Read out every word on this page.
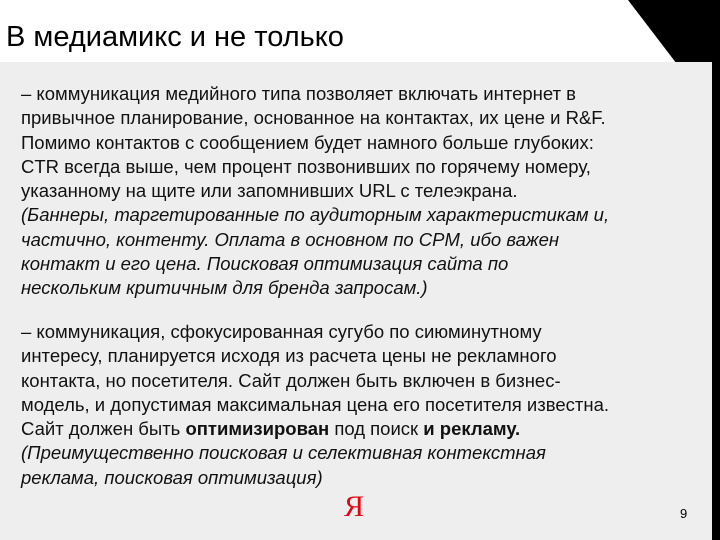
В медиамикс и не только
– коммуникация медийного типа позволяет включать интернет в
привычное планирование, основанное на контактах, их цене и R&F.
Помимо контактов с сообщением будет намного больше глубоких:
CTR всегда выше, чем процент позвонивших по горячему номеру,
указанному на щите или запомнивших URL с телеэкрана.
(Баннеры, таргетированные по аудиторным характеристикам и,
частично, контенту. Оплата в основном по CPM, ибо важен
контакт и его цена. Поисковая оптимизация сайта по
нескольким критичным для бренда запросам.)
– коммуникация, сфокусированная сугубо по сиюминутному
интересу, планируется исходя из расчета цены не рекламного
контакта, но посетителя. Сайт должен быть включен в бизнес-
модель, и допустимая максимальная цена его посетителя известна.
Сайт должен быть оптимизирован под поиск и рекламу.
(Преимущественно поисковая и селективная контекстная
реклама, поисковая оптимизация)
Я	9
